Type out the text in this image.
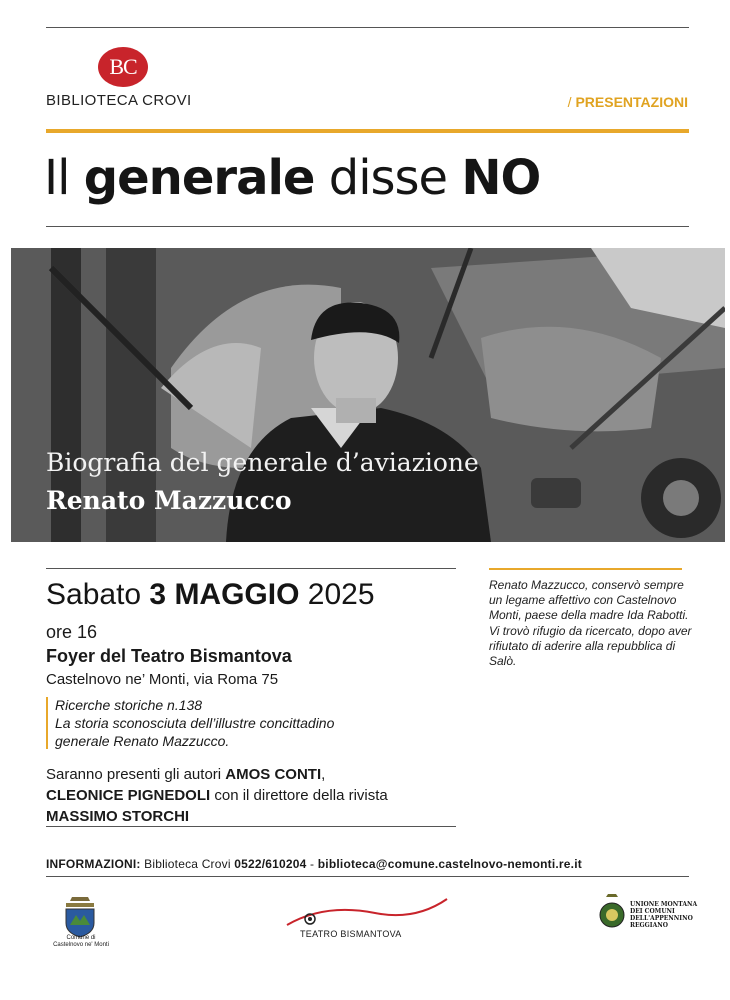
BC
BIBLIOTECA CROVI	/ PRESENTAZIONI
Il generale disse NO
Biografia del generale d’aviazione
Renato Mazzucco
Sabato 3 MAGGIO 2025
ore 16
Foyer del Teatro Bismantova
Castelnovo ne’ Monti, via Roma 75
Ricerche storiche n.138
La storia sconosciuta dell’illustre concittadino
generale Renato Mazzucco.
Saranno presenti gli autori AMOS CONTI,
CLEONICE PIGNEDOLI con il direttore della rivista
MASSIMO STORCHI
Renato Mazzucco, conservò sempre un legame affettivo con Castelnovo Monti, paese della madre Ida Rabotti. Vi trovò rifugio da ricercato, dopo aver rifiutato di aderire alla repubblica di Salò.
INFORMAZIONI: Biblioteca Crovi 0522/610204 - biblioteca@comune.castelnovo-nemonti.re.it
Comune di
Castelnovo ne' Monti
TEATRO BISMANTOVA
UNIONE MONTANA
DEI COMUNI
DELL'APPENNINO
REGGIANO
